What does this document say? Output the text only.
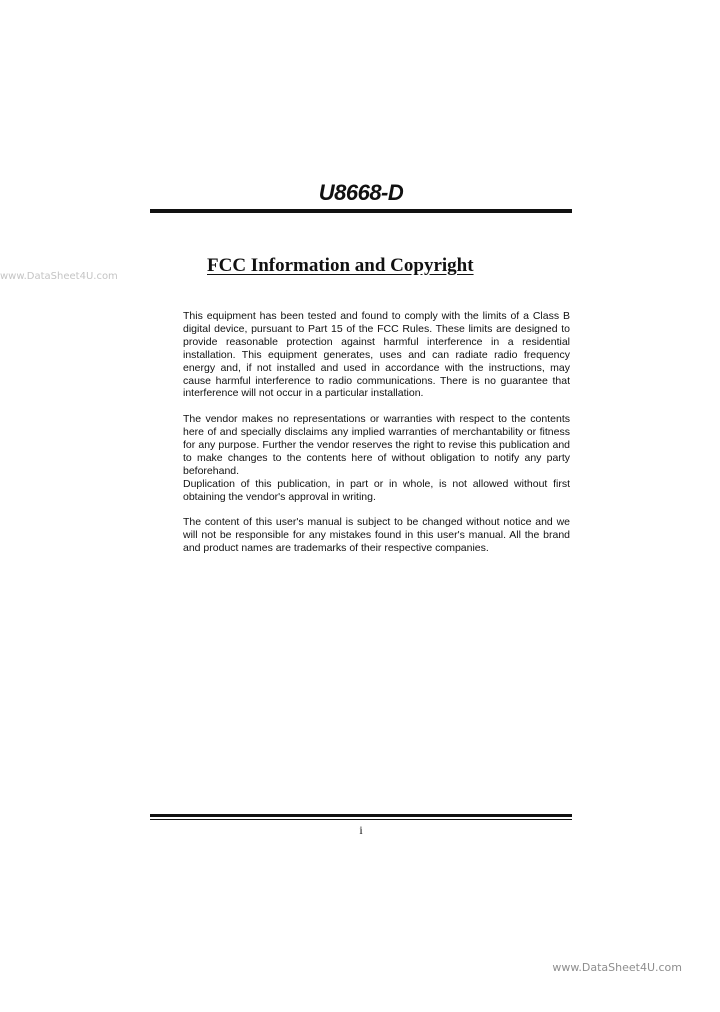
www.DataSheet4U.com
U8668-D
FCC Information and Copyright

This equipment has been tested and found to comply with the limits of a Class B digital device, pursuant to Part 15 of the FCC Rules. These limits are designed to provide reasonable protection against harmful interference in a residential installation. This equipment generates, uses and can radiate radio frequency energy and, if not installed and used in accordance with the instructions, may cause harmful interference to radio communications. There is no guarantee that interference will not occur in a particular installation.

The vendor makes no representations or warranties with respect to the contents here of and specially disclaims any implied warranties of merchantability or fitness for any purpose. Further the vendor reserves the right to revise this publication and to make changes to the contents here of without obligation to notify any party beforehand.

Duplication of this publication, in part or in whole, is not allowed without first obtaining the vendor's approval in writing.

The content of this user's manual is subject to be changed without notice and we will not be responsible for any mistakes found in this user's manual. All the brand and product names are trademarks of their respective companies.

i
www.DataSheet4U.com
